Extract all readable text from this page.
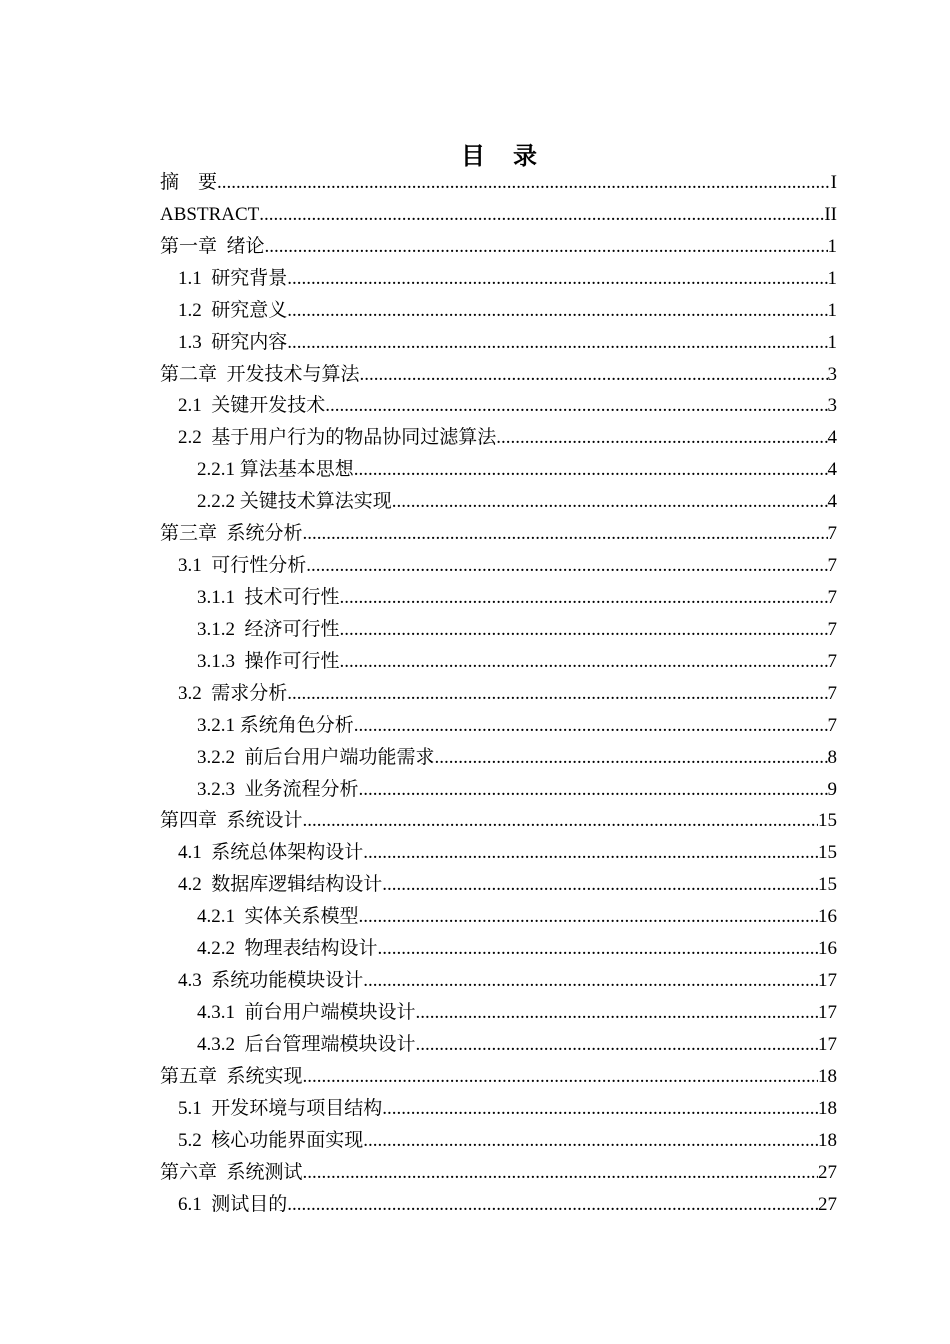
目　录
摘　要 .....	I
ABSTRACT .....	II
第一章  绪论 .....	1
1.1  研究背景 .....	1
1.2  研究意义 .....	1
1.3  研究内容 .....	1
第二章  开发技术与算法 .....	3
2.1  关键开发技术 .....	3
2.2  基于用户行为的物品协同过滤算法 .....	4
2.2.1 算法基本思想 .....	4
2.2.2 关键技术算法实现 .....	4
第三章  系统分析 .....	7
3.1  可行性分析 .....	7
3.1.1  技术可行性 .....	7
3.1.2  经济可行性 .....	7
3.1.3  操作可行性 .....	7
3.2  需求分析 .....	7
3.2.1 系统角色分析 .....	7
3.2.2  前后台用户端功能需求 .....	8
3.2.3  业务流程分析 .....	9
第四章  系统设计 .....	15
4.1  系统总体架构设计 .....	15
4.2  数据库逻辑结构设计 .....	15
4.2.1  实体关系模型 .....	16
4.2.2  物理表结构设计 .....	16
4.3  系统功能模块设计 .....	17
4.3.1  前台用户端模块设计 .....	17
4.3.2  后台管理端模块设计 .....	17
第五章  系统实现 .....	18
5.1  开发环境与项目结构 .....	18
5.2  核心功能界面实现 .....	18
第六章  系统测试 .....	27
6.1  测试目的 .....	27
